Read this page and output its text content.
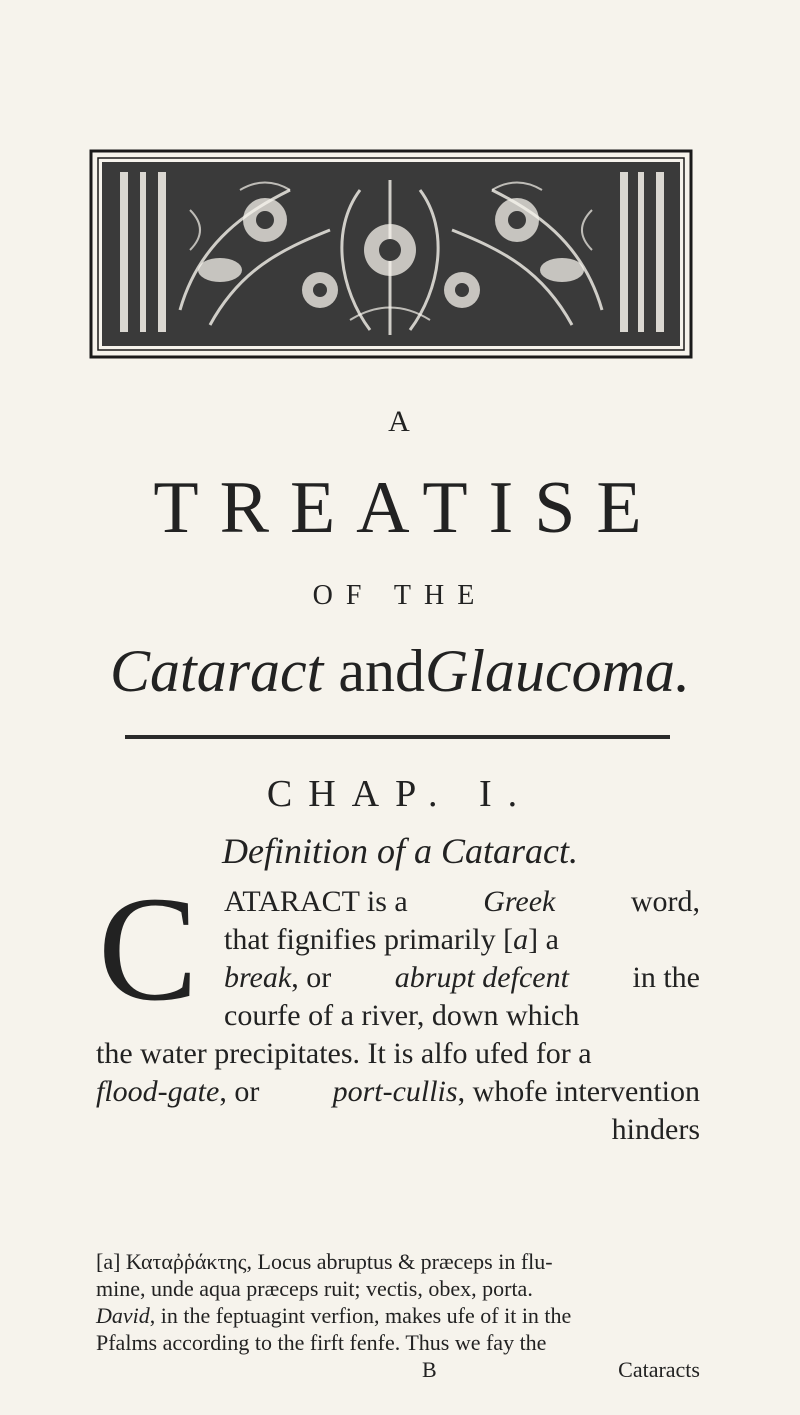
A
TREATISE
OF THE
Cataract andGlaucoma.
CHAP. I.
Definition of a Cataract.
C ATARACT is a	Greek	word,
that fignifies primarily [a] a
break, or abrupt defcent in the
courfe of a river, down which
the water precipitates. It is alfo ufed for a
flood-gate, or port-cullis, whofe intervention
hinders
[a] Καταῤῥάκτης, Locus abruptus & præceps in flu-
mine, unde aqua præceps ruit; vectis, obex, porta.
David, in the feptuagint verfion, makes ufe of it in the
Pfalms according to the firft fenfe. Thus we fay the
B	Cataracts
